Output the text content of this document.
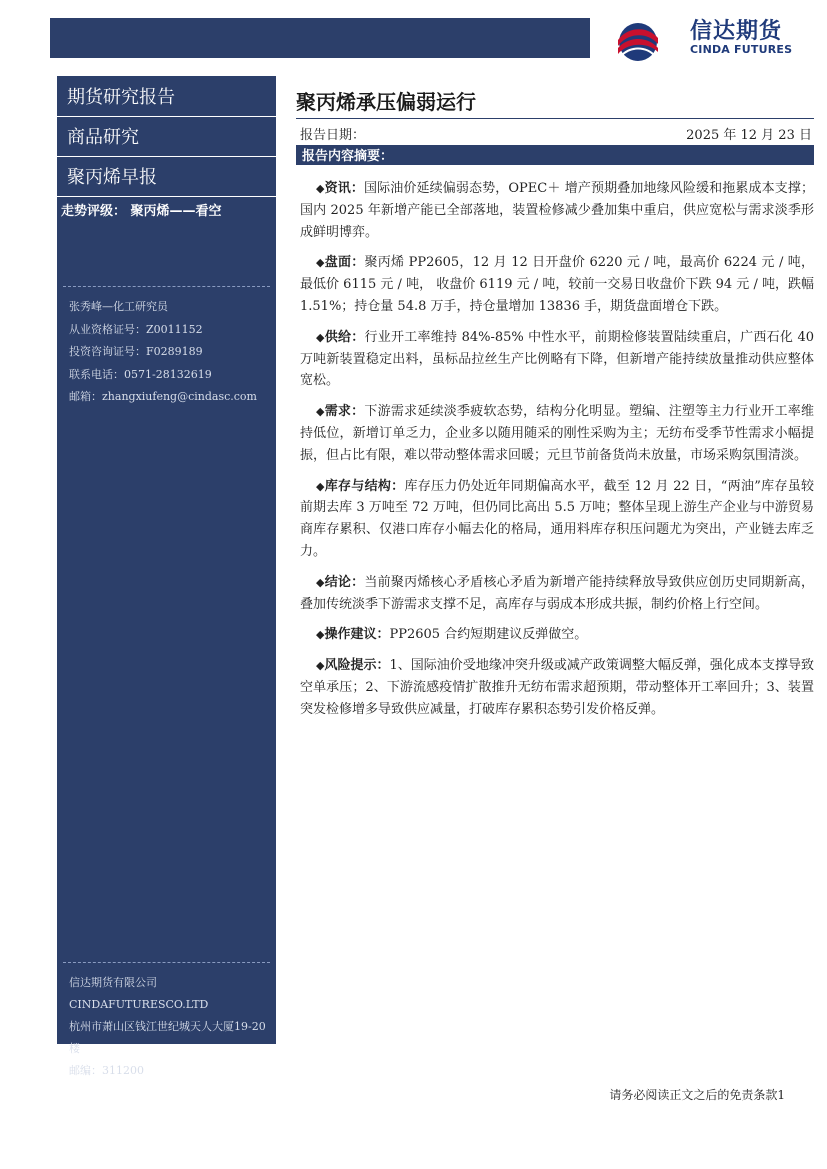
信达期货
CINDA FUTURES
期货研究报告
商品研究
聚丙烯早报
走势评级： 聚丙烯——看空
张秀峰—化工研究员
从业资格证号：Z0011152
投资咨询证号：F0289189
联系电话：0571-28132619
邮箱：zhangxiufeng@cindasc.com
信达期货有限公司
CINDAFUTURESCO.LTD
杭州市萧山区钱江世纪城天人大厦19-20楼
邮编：311200
聚丙烯承压偏弱运行
报告日期：	2025 年 12 月 23 日
报告内容摘要：

◆资讯：国际油价延续偏弱态势，OPEC＋ 增产预期叠加地缘风险缓和拖累成本支撑；国内 2025 年新增产能已全部落地，装置检修减少叠加集中重启，供应宽松与需求淡季形成鲜明博弈。

◆盘面：聚丙烯 PP2605，12 月 12 日开盘价 6220 元 / 吨，最高价 6224 元 / 吨，最低价 6115 元 / 吨， 收盘价 6119 元 / 吨，较前一交易日收盘价下跌 94 元 / 吨，跌幅 1.51%；持仓量 54.8 万手，持仓量增加 13836 手，期货盘面增仓下跌。

◆供给：行业开工率维持 84%-85% 中性水平，前期检修装置陆续重启，广西石化 40 万吨新装置稳定出料，虽标品拉丝生产比例略有下降，但新增产能持续放量推动供应整体宽松。

◆需求：下游需求延续淡季疲软态势，结构分化明显。塑编、注塑等主力行业开工率维持低位，新增订单乏力，企业多以随用随采的刚性采购为主；无纺布受季节性需求小幅提振，但占比有限，难以带动整体需求回暖；元旦节前备货尚未放量，市场采购氛围清淡。

◆库存与结构：库存压力仍处近年同期偏高水平，截至 12 月 22 日，“两油”库存虽较前期去库 3 万吨至 72 万吨，但仍同比高出 5.5 万吨；整体呈现上游生产企业与中游贸易商库存累积、仅港口库存小幅去化的格局，通用料库存积压问题尤为突出，产业链去库乏力。

◆结论：当前聚丙烯核心矛盾核心矛盾为新增产能持续释放导致供应创历史同期新高，叠加传统淡季下游需求支撑不足，高库存与弱成本形成共振，制约价格上行空间。

◆操作建议：PP2605 合约短期建议反弹做空。

◆风险提示：1、国际油价受地缘冲突升级或减产政策调整大幅反弹，强化成本支撑导致空单承压；2、下游流感疫情扩散推升无纺布需求超预期，带动整体开工率回升；3、装置突发检修增多导致供应减量，打破库存累积态势引发价格反弹。

请务必阅读正文之后的免责条款1
